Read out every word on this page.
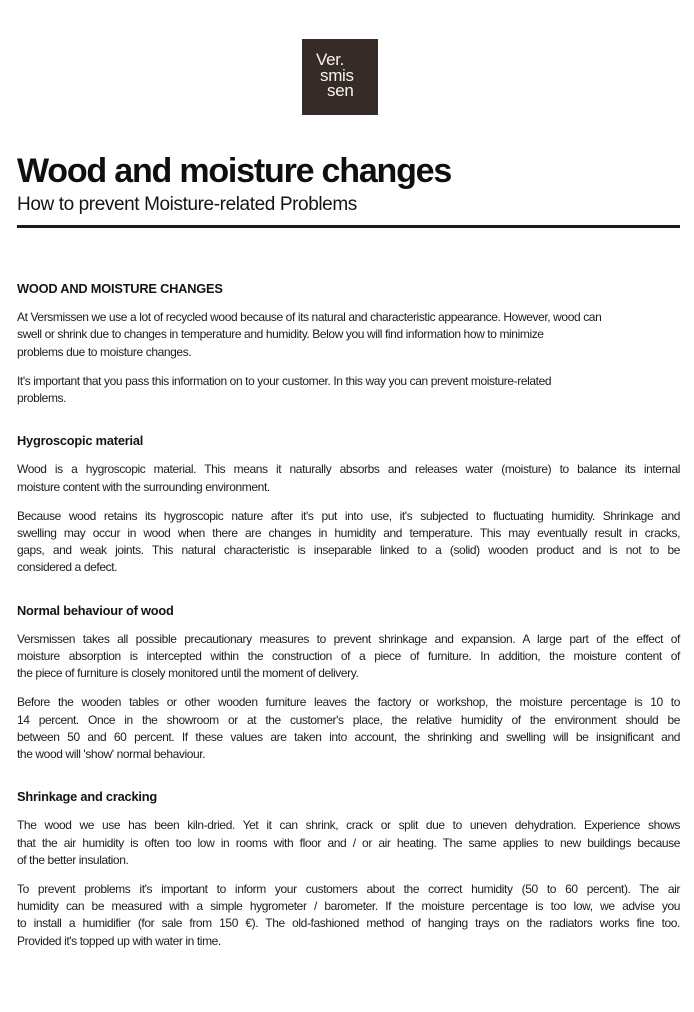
Ver.
smis
sen
Wood and moisture changes
How to prevent Moisture-related Problems
WOOD AND MOISTURE CHANGES
At Versmissen we use a lot of recycled wood because of its natural and characteristic appearance. However, wood can
swell or shrink due to changes in temperature and humidity. Below you will find information how to minimize
problems due to moisture changes.
It's important that you pass this information on to your customer. In this way you can prevent moisture-related
problems.
Hygroscopic material
Wood is a hygroscopic material. This means it naturally absorbs and releases water (moisture) to balance its internal
moisture content with the surrounding environment.
Because wood retains its hygroscopic nature after it's put into use, it's subjected to fluctuating humidity. Shrinkage and
swelling may occur in wood when there are changes in humidity and temperature. This may eventually result in cracks,
gaps, and weak joints. This natural characteristic is inseparable linked to a (solid) wooden product and is not to be
considered a defect.
Normal behaviour of wood
Versmissen takes all possible precautionary measures to prevent shrinkage and expansion. A large part of the effect of
moisture absorption is intercepted within the construction of a piece of furniture. In addition, the moisture content of
the piece of furniture is closely monitored until the moment of delivery.
Before the wooden tables or other wooden furniture leaves the factory or workshop, the moisture percentage is 10 to
14 percent. Once in the showroom or at the customer's place, the relative humidity of the environment should be
between 50 and 60 percent. If these values are taken into account, the shrinking and swelling will be insignificant and
the wood will 'show' normal behaviour.
Shrinkage and cracking
The wood we use has been kiln-dried. Yet it can shrink, crack or split due to uneven dehydration. Experience shows
that the air humidity is often too low in rooms with floor and / or air heating. The same applies to new buildings because
of the better insulation.
To prevent problems it's important to inform your customers about the correct humidity (50 to 60 percent). The air
humidity can be measured with a simple hygrometer / barometer. If the moisture percentage is too low, we advise you
to install a humidifier (for sale from 150 €). The old-fashioned method of hanging trays on the radiators works fine too.
Provided it's topped up with water in time.
